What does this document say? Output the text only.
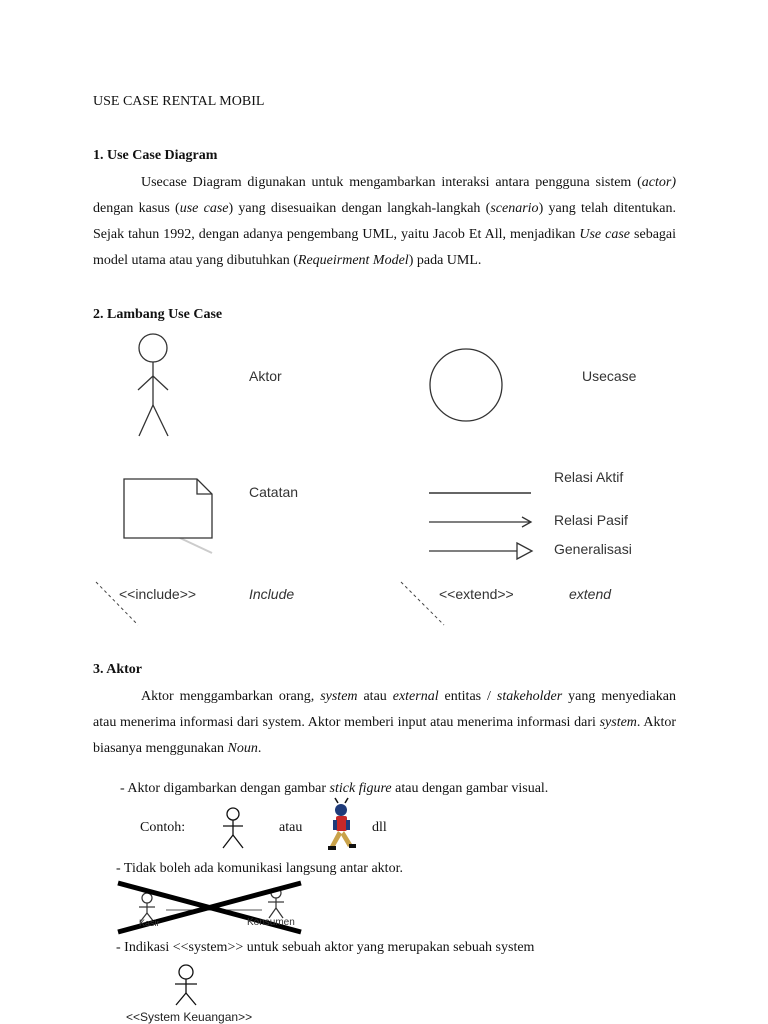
USE CASE RENTAL MOBIL
1. Use Case Diagram
Usecase Diagram digunakan untuk mengambarkan interaksi antara pengguna sistem (actor) dengan kasus (use case) yang disesuaikan dengan langkah-langkah (scenario) yang telah ditentukan. Sejak tahun 1992, dengan adanya pengembang UML, yaitu Jacob Et All, menjadikan Use case sebagai model utama atau yang dibutuhkan (Requeirment Model) pada UML.
2. Lambang Use Case
Aktor	Usecase
Catatan
Relasi Aktif
Relasi Pasif
Generalisasi
<<include>>	Include	<<extend>>	extend
3. Aktor
Aktor menggambarkan orang, system atau external entitas / stakeholder yang menyediakan atau menerima informasi dari system. Aktor memberi input atau menerima informasi dari system. Aktor biasanya menggunakan Noun.
- Aktor digambarkan dengan gambar stick figure atau dengan gambar visual.
Contoh:	atau	dll
- Tidak boleh ada komunikasi langsung antar aktor.
Kasir	Konsumen
- Indikasi <<system>> untuk sebuah aktor yang merupakan sebuah system
<<System Keuangan>>
